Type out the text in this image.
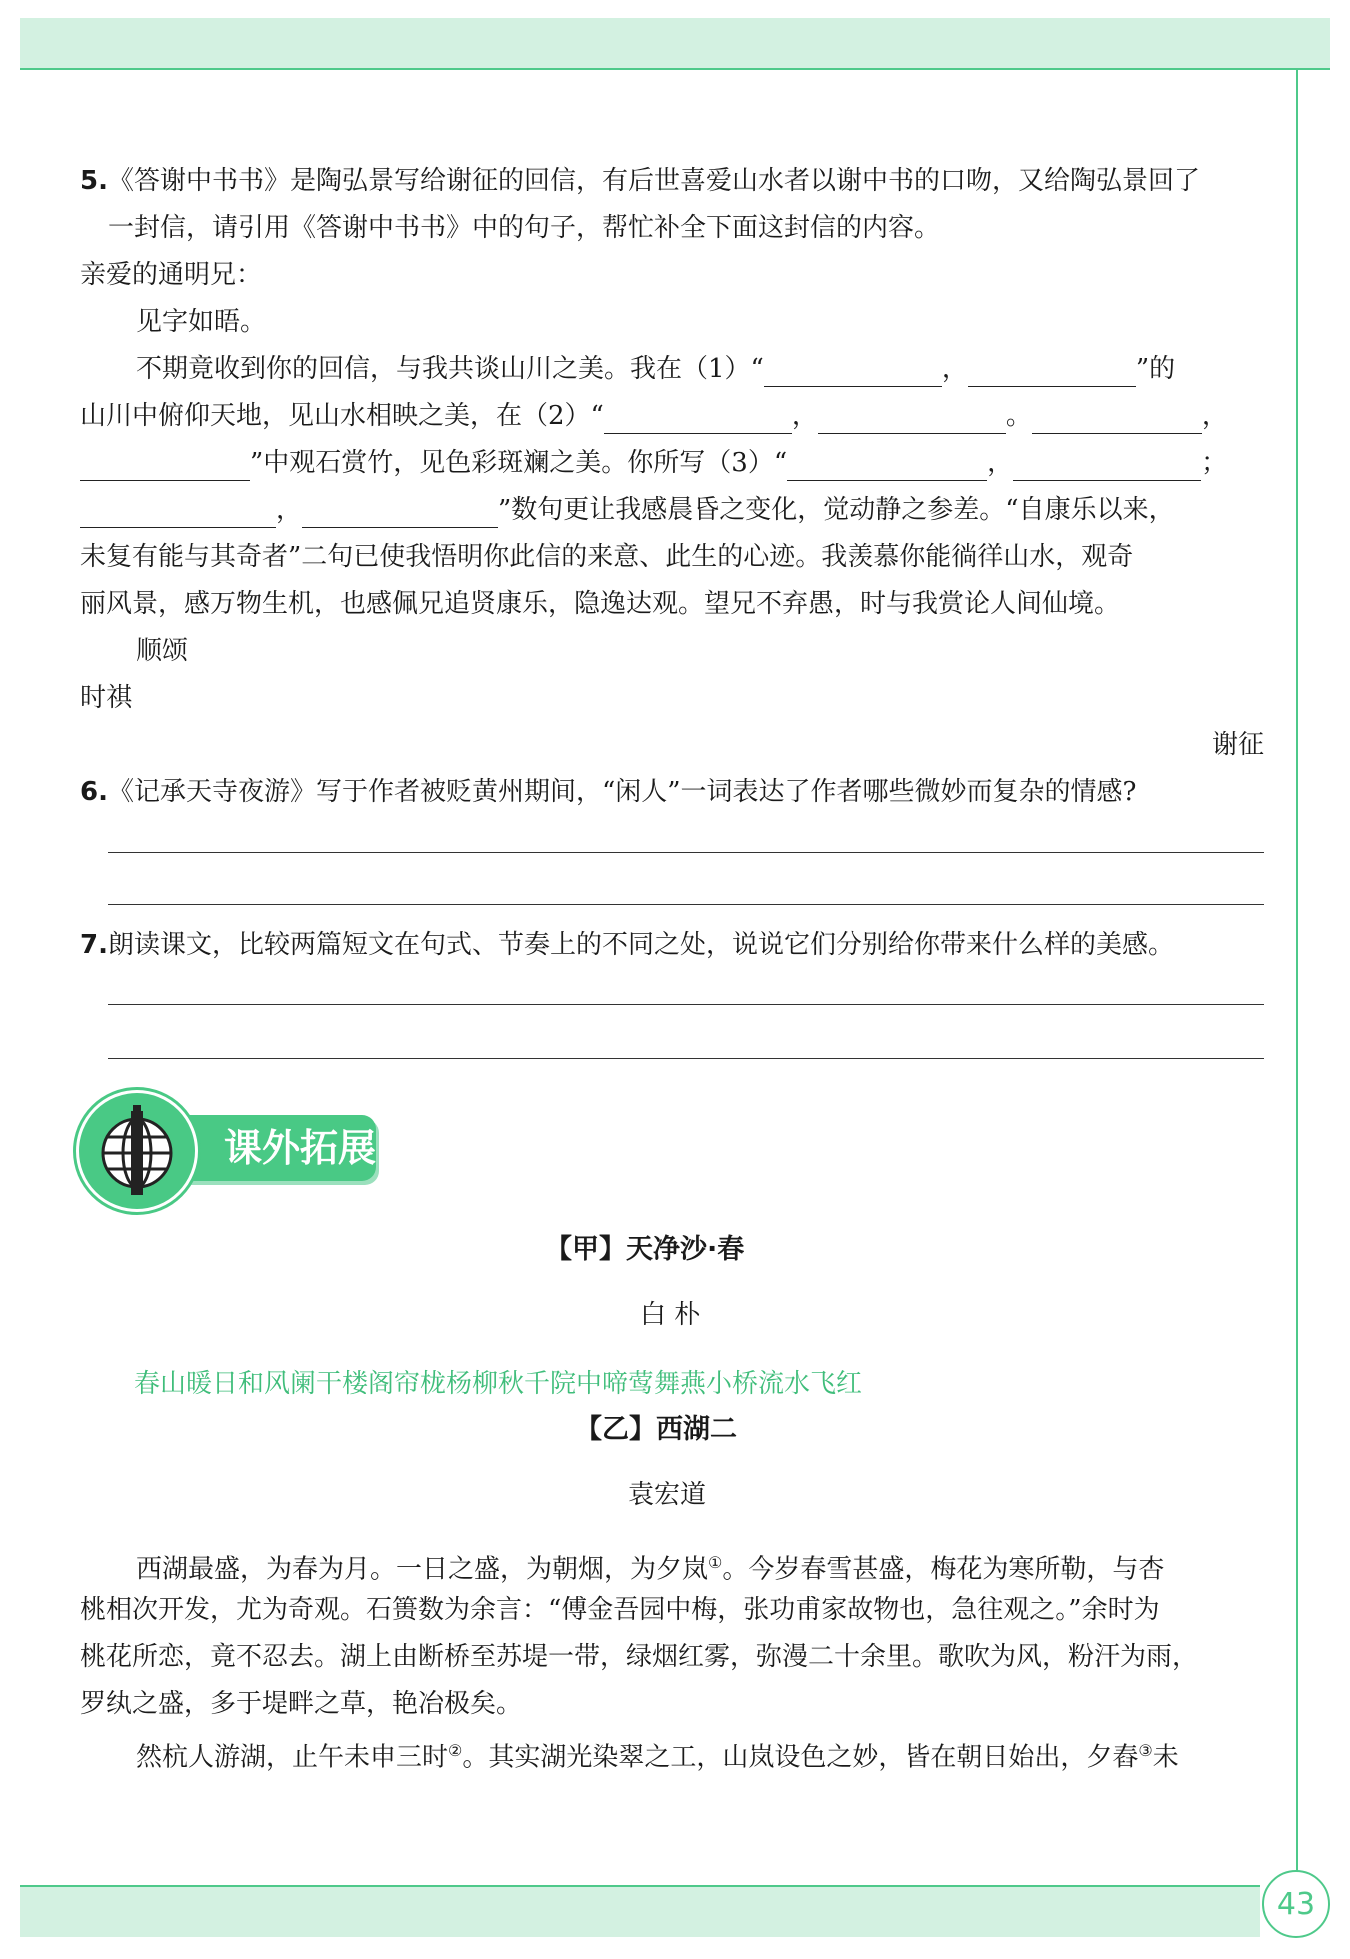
5.《答谢中书书》是陶弘景写给谢征的回信，有后世喜爱山水者以谢中书的口吻，又给陶弘景回了
一封信，请引用《答谢中书书》中的句子，帮忙补全下面这封信的内容。
亲爱的通明兄：
见字如晤。
不期竟收到你的回信，与我共谈山川之美。我在（1）“	，	”的
山川中俯仰天地，见山水相映之美，在（2）“	，	。	，
”中观石赏竹，见色彩斑斓之美。你所写（3）“	，	；
，	”数句更让我感晨昏之变化，觉动静之参差。“自康乐以来，
未复有能与其奇者”二句已使我悟明你此信的来意、此生的心迹。我羡慕你能徜徉山水，观奇
丽风景，感万物生机，也感佩兄追贤康乐，隐逸达观。望兄不弃愚，时与我赏论人间仙境。
顺颂
时祺
谢征
6.《记承天寺夜游》写于作者被贬黄州期间，“闲人”一词表达了作者哪些微妙而复杂的情感?
7.朗读课文，比较两篇短文在句式、节奏上的不同之处，说说它们分别给你带来什么样的美感。
课外拓展
【甲】天净沙·春
白 朴
春山暖日和风阑干楼阁帘栊杨柳秋千院中啼莺舞燕小桥流水飞红
【乙】西湖二
袁宏道
西湖最盛，为春为月。一日之盛，为朝烟，为夕岚①。今岁春雪甚盛，梅花为寒所勒，与杏
桃相次开发，尤为奇观。石篑数为余言：“傅金吾园中梅，张功甫家故物也，急往观之。”余时为
桃花所恋，竟不忍去。湖上由断桥至苏堤一带，绿烟红雾，弥漫二十余里。歌吹为风，粉汗为雨，
罗纨之盛，多于堤畔之草，艳冶极矣。
然杭人游湖，止午未申三时②。其实湖光染翠之工，山岚设色之妙，皆在朝日始出，夕舂③未
43
